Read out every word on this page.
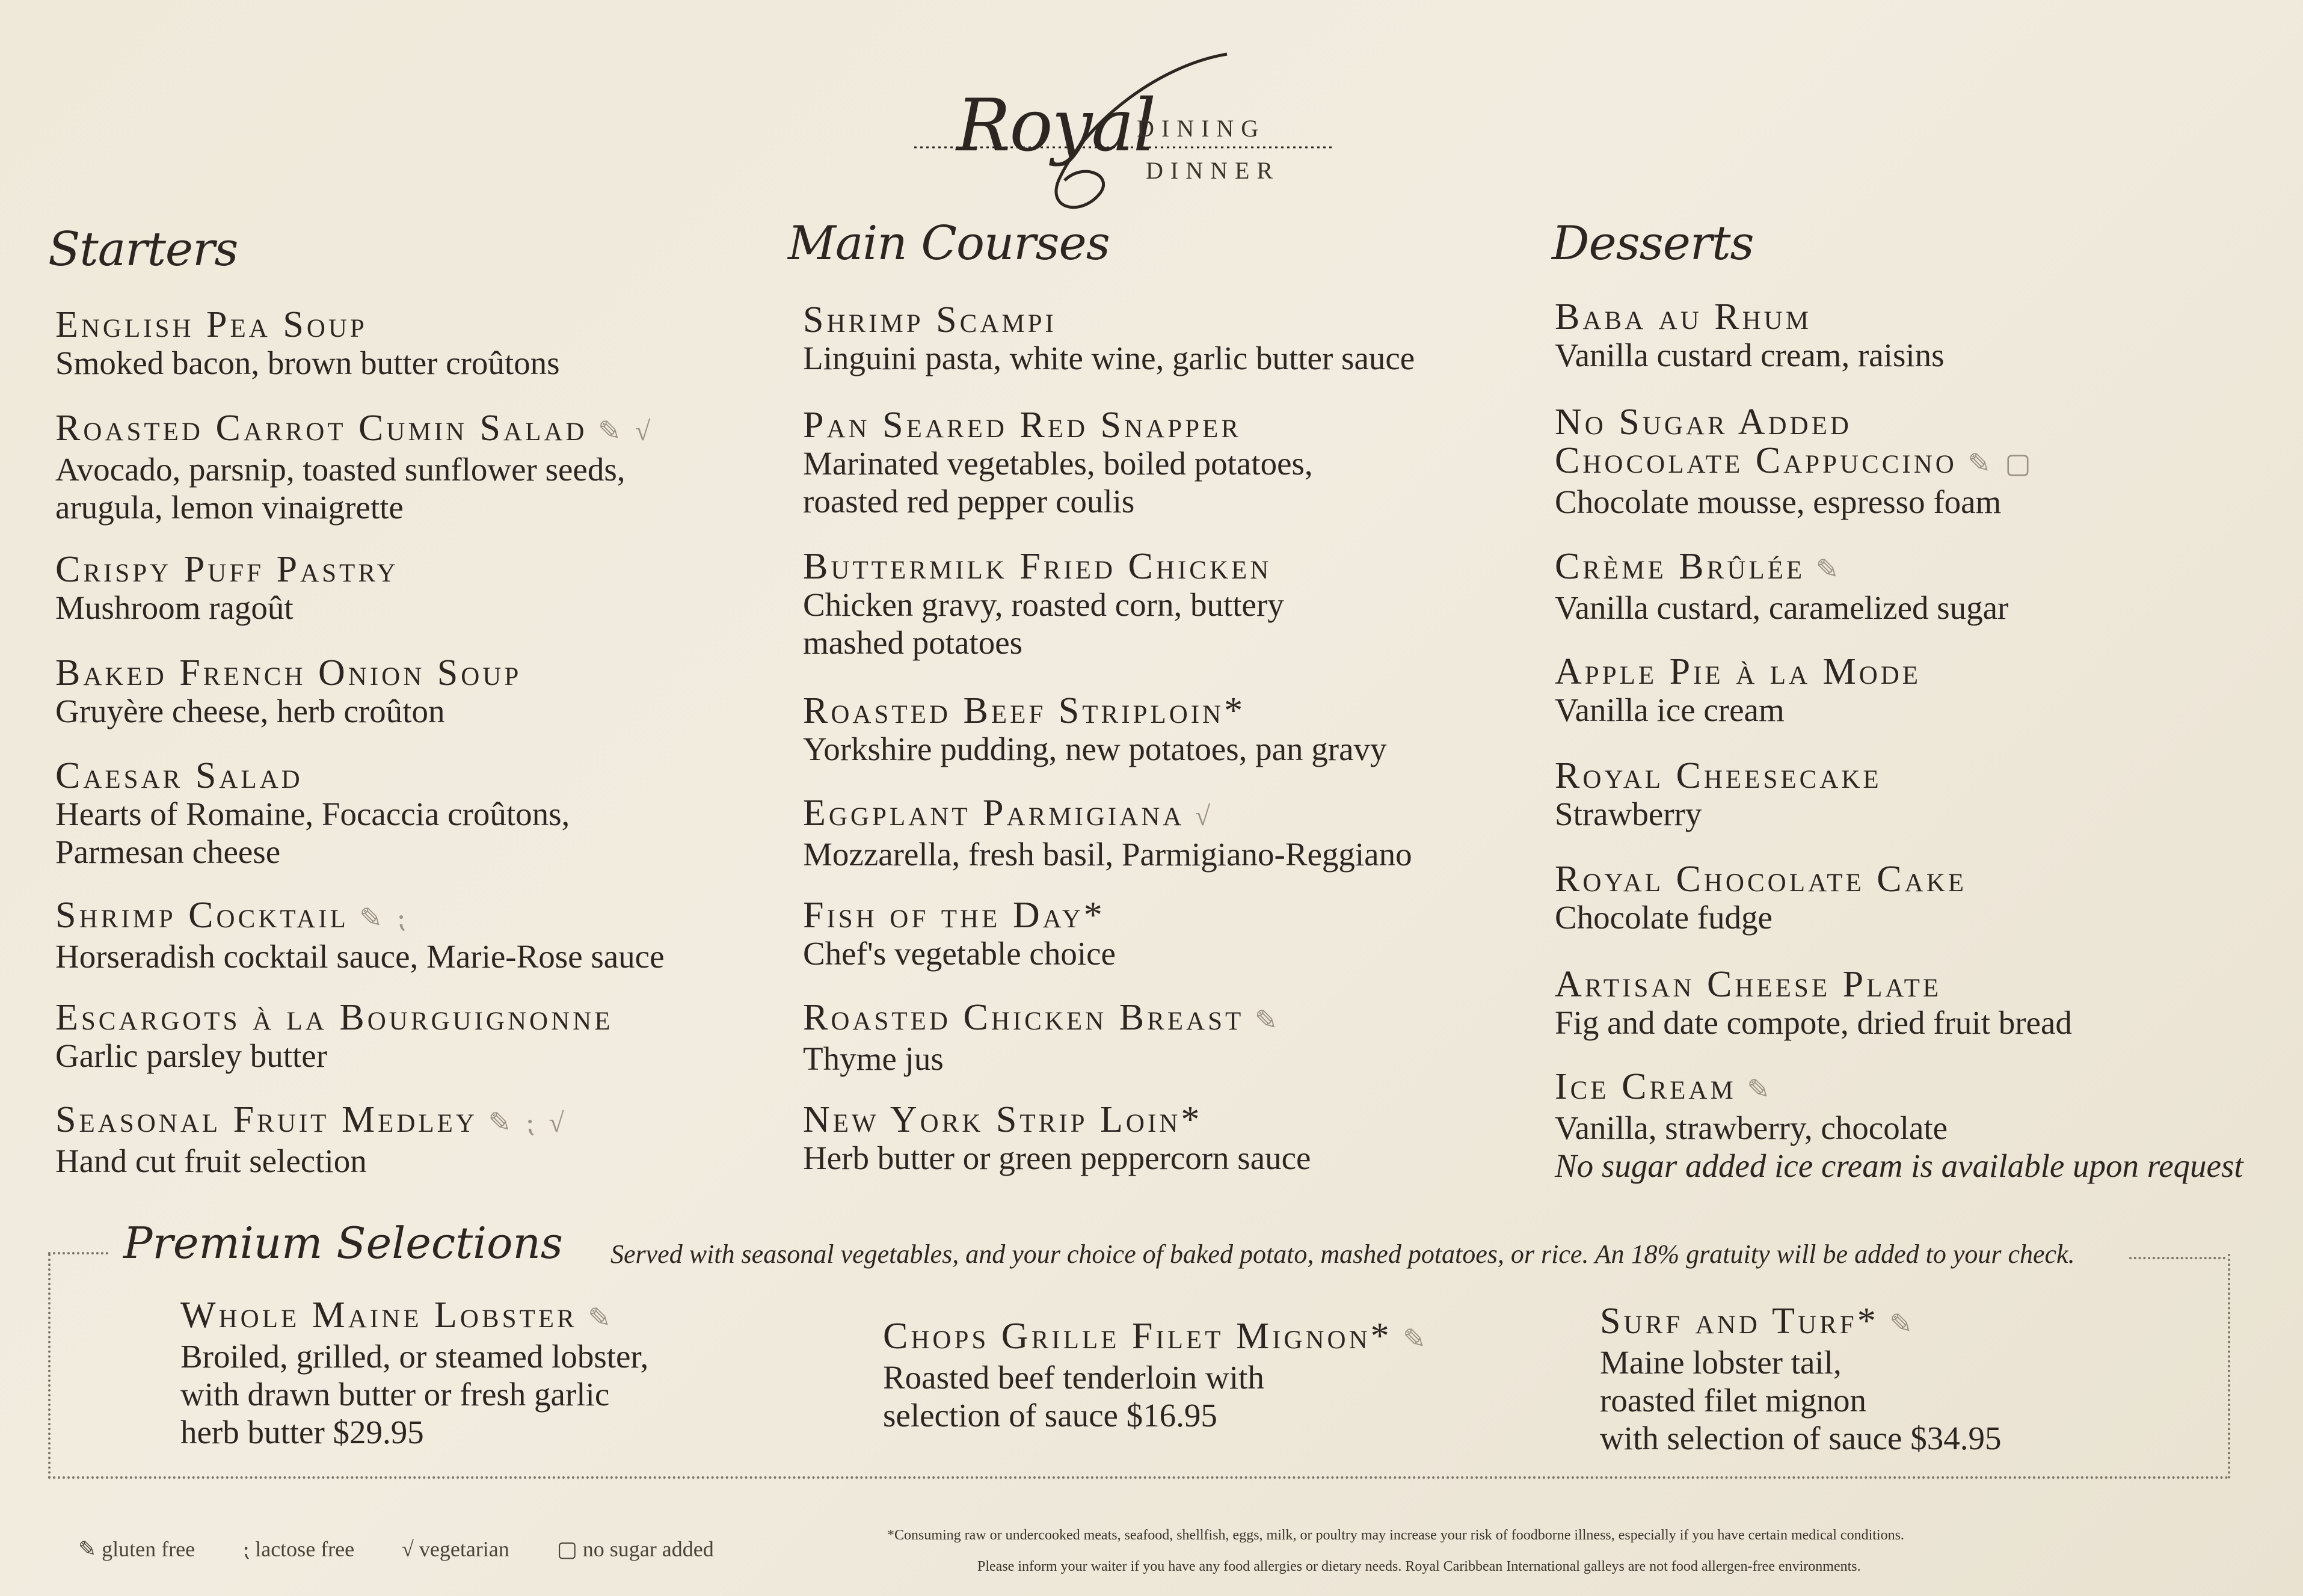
Royal
DINING
DINNER
Starters	Main Courses	Desserts
English Pea Soup
Smoked bacon, brown butter croûtons
Roasted Carrot Cumin Salad ✎ √
Avocado, parsnip, toasted sunflower seeds,
arugula, lemon vinaigrette
Crispy Puff Pastry
Mushroom ragoût
Baked French Onion Soup
Gruyère cheese, herb croûton
Caesar Salad
Hearts of Romaine, Focaccia croûtons,
Parmesan cheese
Shrimp Cocktail ✎ ⁏
Horseradish cocktail sauce, Marie-Rose sauce
Escargots à la Bourguignonne
Garlic parsley butter
Seasonal Fruit Medley ✎ ⁏ √
Hand cut fruit selection
Shrimp Scampi
Linguini pasta, white wine, garlic butter sauce
Pan Seared Red Snapper
Marinated vegetables, boiled potatoes,
roasted red pepper coulis
Buttermilk Fried Chicken
Chicken gravy, roasted corn, buttery
mashed potatoes
Roasted Beef Striploin*
Yorkshire pudding, new potatoes, pan gravy
Eggplant Parmigiana √
Mozzarella, fresh basil, Parmigiano-Reggiano
Fish of the Day*
Chef's vegetable choice
Roasted Chicken Breast ✎
Thyme jus
New York Strip Loin*
Herb butter or green peppercorn sauce
Baba au Rhum
Vanilla custard cream, raisins
No Sugar Added
Chocolate Cappuccino ✎ ▢
Chocolate mousse, espresso foam
Crème Brûlée ✎
Vanilla custard, caramelized sugar
Apple Pie à la Mode
Vanilla ice cream
Royal Cheesecake
Strawberry
Royal Chocolate Cake
Chocolate fudge
Artisan Cheese Plate
Fig and date compote, dried fruit bread
Ice Cream ✎
Vanilla, strawberry, chocolate
No sugar added ice cream is available upon request
Premium Selections Served with seasonal vegetables, and your choice of baked potato, mashed potatoes, or rice. An 18% gratuity will be added to your check.
Whole Maine Lobster ✎
Broiled, grilled, or steamed lobster,
with drawn butter or fresh garlic
herb butter $29.95
Chops Grille Filet Mignon* ✎
Roasted beef tenderloin with
selection of sauce $16.95
Surf and Turf* ✎
Maine lobster tail,
roasted filet mignon
with selection of sauce $34.95
✎ gluten free ⁏ lactose free √ vegetarian ▢ no sugar added
*Consuming raw or undercooked meats, seafood, shellfish, eggs, milk, or poultry may increase your risk of foodborne illness, especially if you have certain medical conditions.
Please inform your waiter if you have any food allergies or dietary needs. Royal Caribbean International galleys are not food allergen-free environments.
